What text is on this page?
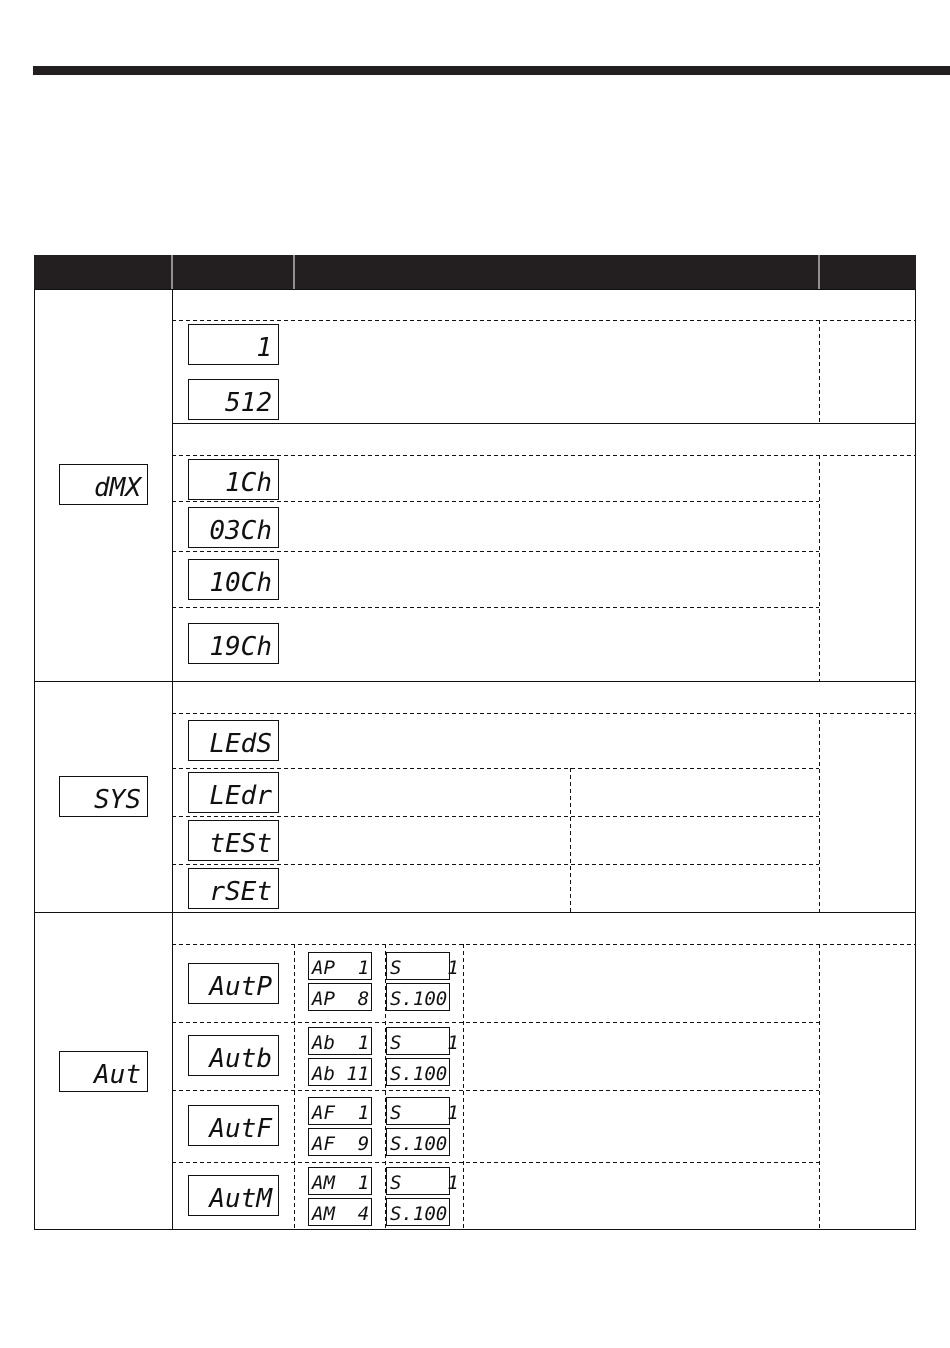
dMX
1
512
1Ch
03Ch
10Ch
19Ch
SYS
LEdS
LEdr
tESt
rSEt
Aut
AutP
AP  1
AP  8
S    1
S.100
Autb
Ab  1
Ab 11
S    1
S.100
AutF
AF  1
AF  9
S    1
S.100
AutM
AM  1
AM  4
S    1
S.100
